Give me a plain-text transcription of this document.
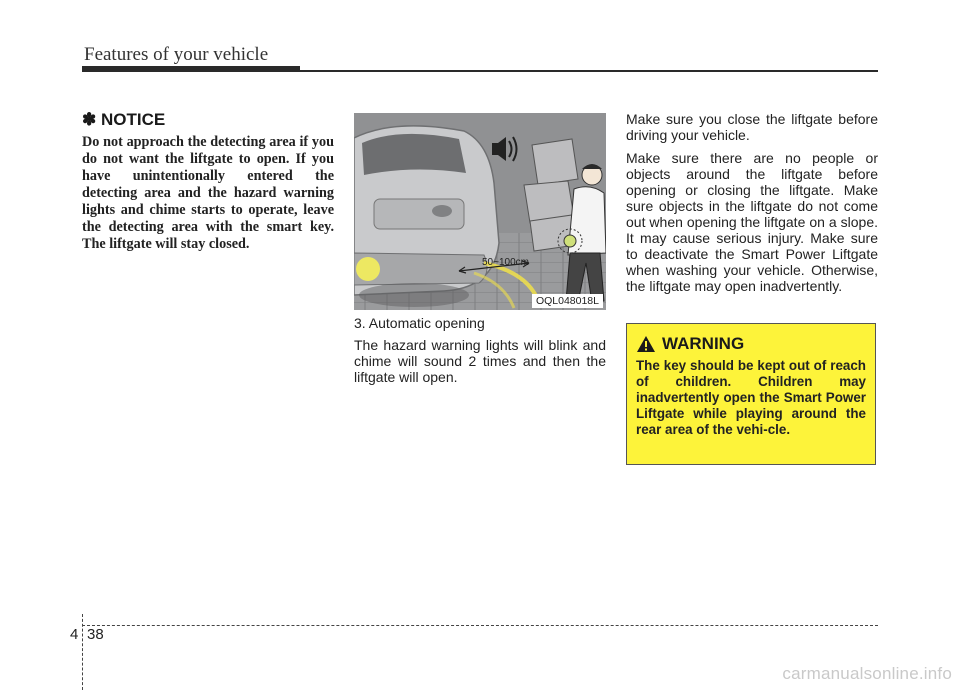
Features of your vehicle
✽ NOTICE

Do not approach the detecting area if you do not want the liftgate to open. If you have unintentionally entered the detecting area and the hazard warning lights and chime starts to operate, leave the detecting area with the smart key. The liftgate will stay closed.

50~100cm
OQL048018L

3. Automatic opening

The hazard warning lights will blink and chime will sound 2 times and then the liftgate will open.

Make sure you close the liftgate before driving your vehicle.

Make sure there are no people or objects around the liftgate before opening or closing the liftgate. Make sure objects in the liftgate do not come out when opening the liftgate on a slope. It may cause serious injury. Make sure to deactivate the Smart Power Liftgate when washing your vehicle. Otherwise, the liftgate may open inadvertently.

WARNING

The key should be kept out of reach of children. Children may inadvertently open the Smart Power Liftgate while playing around the rear area of the vehi-cle.

4 38
carmanualsonline.info
